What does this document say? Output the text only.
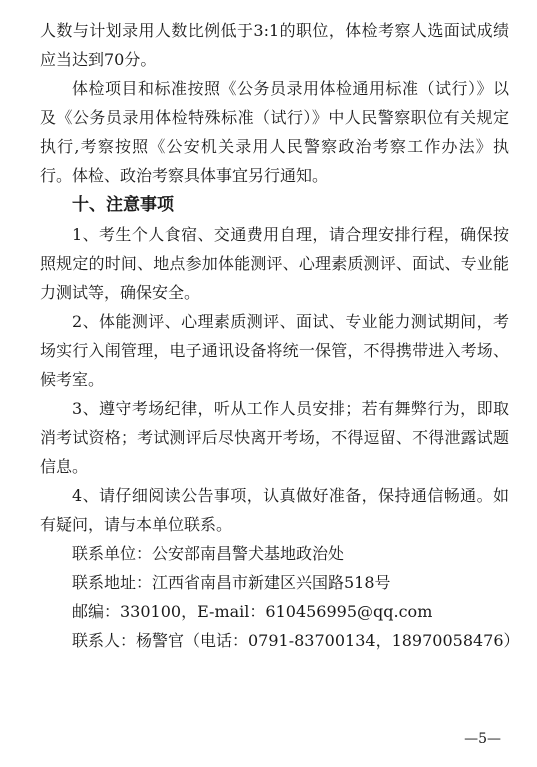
人数与计划录用人数比例低于3:1的职位，体检考察人选面试成绩应当达到70分。

体检项目和标准按照《公务员录用体检通用标准（试行）》以及《公务员录用体检特殊标准（试行）》中人民警察职位有关规定执行,考察按照《公安机关录用人民警察政治考察工作办法》执行。体检、政治考察具体事宜另行通知。

十、注意事项

1、考生个人食宿、交通费用自理，请合理安排行程，确保按照规定的时间、地点参加体能测评、心理素质测评、面试、专业能力测试等，确保安全。

2、体能测评、心理素质测评、面试、专业能力测试期间，考场实行入闱管理，电子通讯设备将统一保管，不得携带进入考场、候考室。

3、遵守考场纪律，听从工作人员安排；若有舞弊行为，即取消考试资格；考试测评后尽快离开考场，不得逗留、不得泄露试题信息。

4、请仔细阅读公告事项，认真做好准备，保持通信畅通。如有疑问，请与本单位联系。

联系单位：公安部南昌警犬基地政治处

联系地址：江西省南昌市新建区兴国路518号

邮编：330100，E-mail：610456995@qq.com

联系人：杨警官（电话：0791-83700134，18970058476）

—5—
